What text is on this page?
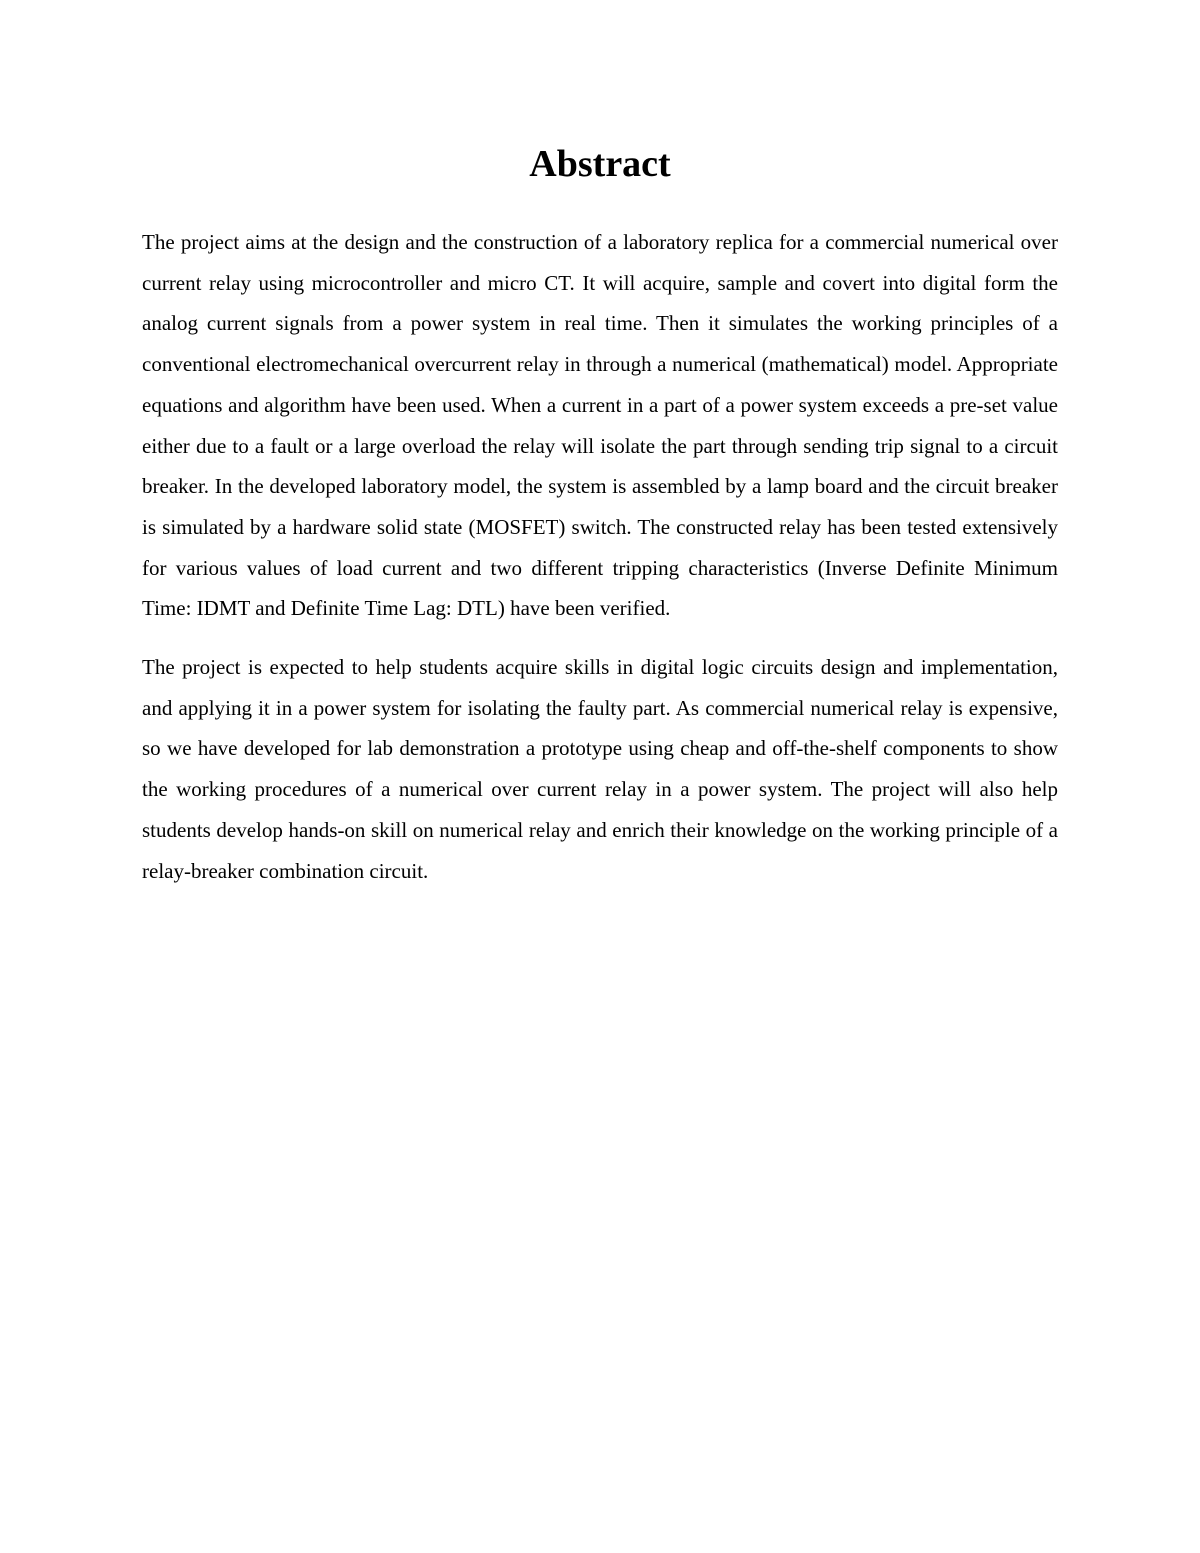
Abstract

The project aims at the design and the construction of a laboratory replica for a commercial numerical over current relay using microcontroller and micro CT. It will acquire, sample and covert into digital form the analog current signals from a power system in real time. Then it simulates the working principles of a conventional electromechanical overcurrent relay in through a numerical (mathematical) model. Appropriate equations and algorithm have been used. When a current in a part of a power system exceeds a pre-set value either due to a fault or a large overload the relay will isolate the part through sending trip signal to a circuit breaker. In the developed laboratory model, the system is assembled by a lamp board and the circuit breaker is simulated by a hardware solid state (MOSFET) switch. The constructed relay has been tested extensively for various values of load current and two different tripping characteristics (Inverse Definite Minimum Time: IDMT and Definite Time Lag: DTL) have been verified.

The project is expected to help students acquire skills in digital logic circuits design and implementation, and applying it in a power system for isolating the faulty part. As commercial numerical relay is expensive, so we have developed for lab demonstration a prototype using cheap and off-the-shelf components to show the working procedures of a numerical over current relay in a power system. The project will also help students develop hands-on skill on numerical relay and enrich their knowledge on the working principle of a relay-breaker combination circuit.
